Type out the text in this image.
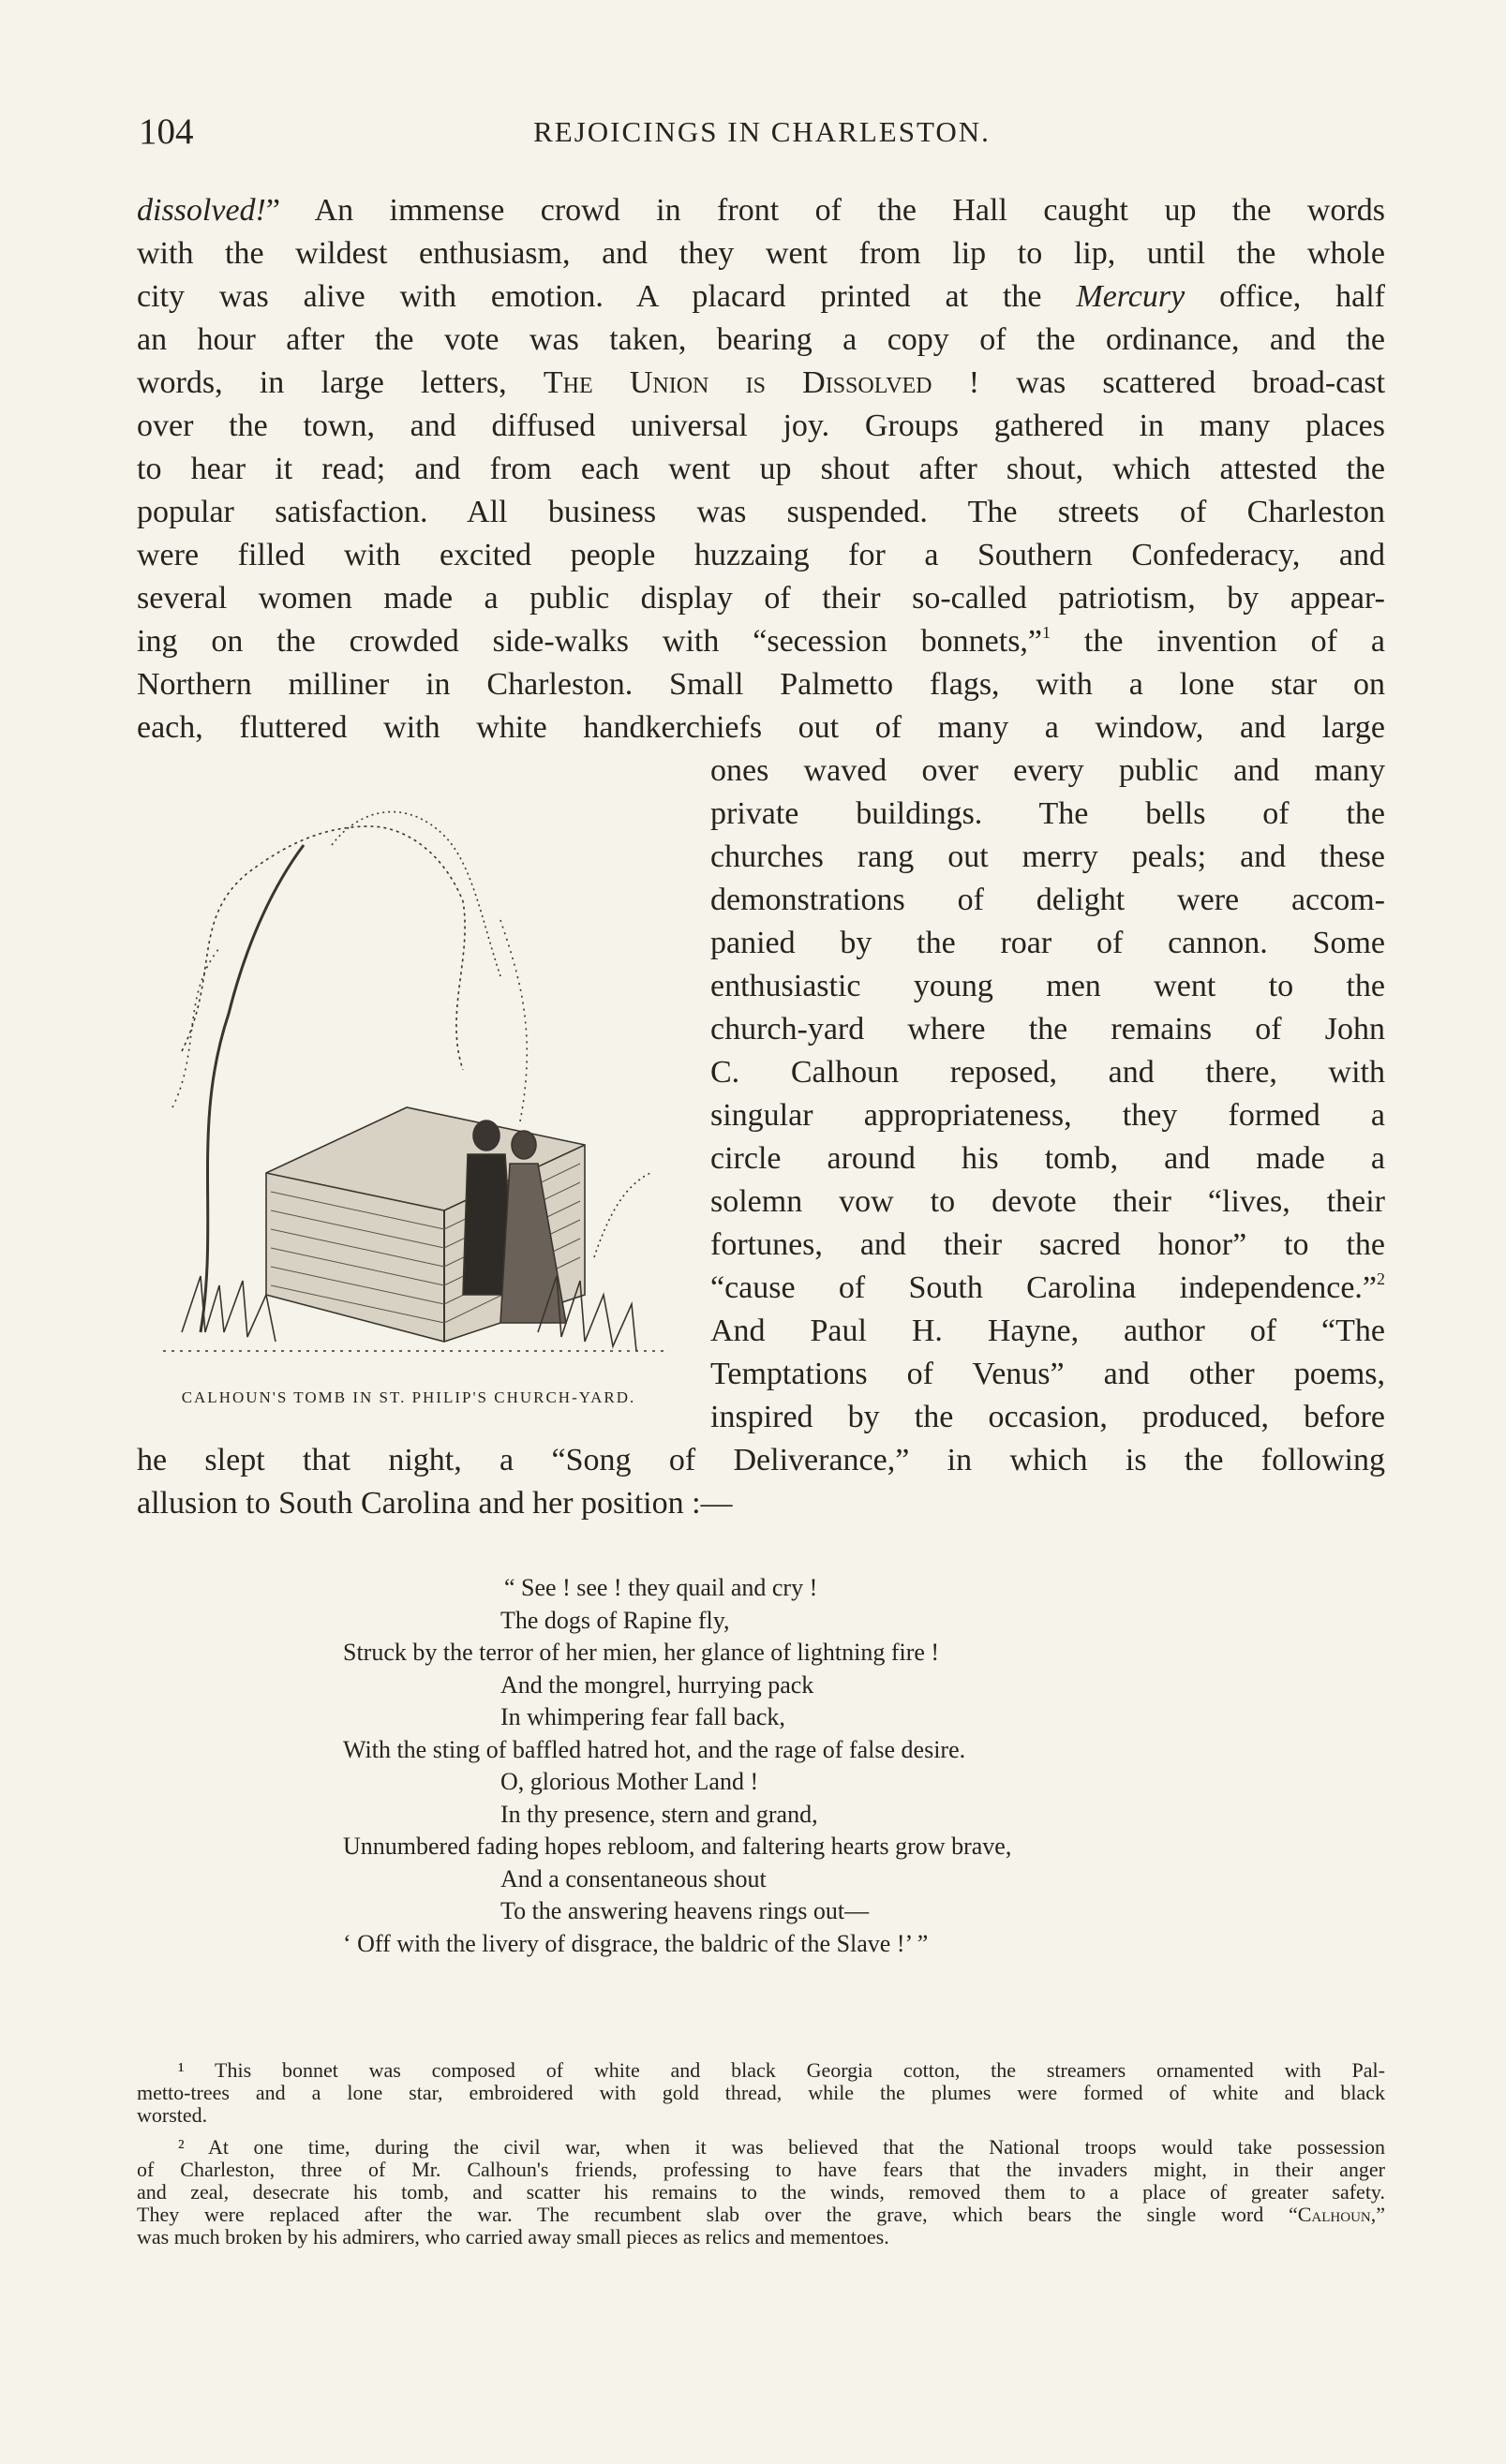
104	REJOICINGS IN CHARLESTON.
dissolved!” An immense crowd in front of the Hall caught up the words
with the wildest enthusiasm, and they went from lip to lip, until the whole
city was alive with emotion. A placard printed at the Mercury office, half
an hour after the vote was taken, bearing a copy of the ordinance, and the
words, in large letters, The Union is Dissolved ! was scattered broad-cast
over the town, and diffused universal joy. Groups gathered in many places
to hear it read; and from each went up shout after shout, which attested the
popular satisfaction. All business was suspended. The streets of Charleston
were filled with excited people huzzaing for a Southern Confederacy, and
several women made a public display of their so-called patriotism, by appear-
ing on the crowded side-walks with “secession bonnets,”$^1$ the invention of a
Northern milliner in Charleston. Small Palmetto flags, with a lone star on
each, fluttered with white handkerchiefs out of many a window, and large
ones waved over every public and many
private buildings. The bells of the
churches rang out merry peals; and these
demonstrations of delight were accom-
panied by the roar of cannon. Some
enthusiastic young men went to the
church-yard where the remains of John
C. Calhoun reposed, and there, with
singular appropriateness, they formed a
circle around his tomb, and made a
solemn vow to devote their “lives, their
fortunes, and their sacred honor” to the
“cause of South Carolina independence.”$^2$
And Paul H. Hayne, author of “The
Temptations of Venus” and other poems,
inspired by the occasion, produced, before
he slept that night, a “Song of Deliverance,” in which is the following
allusion to South Carolina and her position :—
CALHOUN'S TOMB IN ST. PHILIP'S CHURCH-YARD.
“ See ! see ! they quail and cry !
The dogs of Rapine fly,
Struck by the terror of her mien, her glance of lightning fire !
And the mongrel, hurrying pack
In whimpering fear fall back,
With the sting of baffled hatred hot, and the rage of false desire.
O, glorious Mother Land !
In thy presence, stern and grand,
Unnumbered fading hopes rebloom, and faltering hearts grow brave,
And a consentaneous shout
To the answering heavens rings out—
‘ Off with the livery of disgrace, the baldric of the Slave !’ ”
¹ This bonnet was composed of white and black Georgia cotton, the streamers ornamented with Pal-
metto-trees and a lone star, embroidered with gold thread, while the plumes were formed of white and black
worsted.
² At one time, during the civil war, when it was believed that the National troops would take possession
of Charleston, three of Mr. Calhoun's friends, professing to have fears that the invaders might, in their anger
and zeal, desecrate his tomb, and scatter his remains to the winds, removed them to a place of greater safety.
They were replaced after the war. The recumbent slab over the grave, which bears the single word “Calhoun,”
was much broken by his admirers, who carried away small pieces as relics and mementoes.
